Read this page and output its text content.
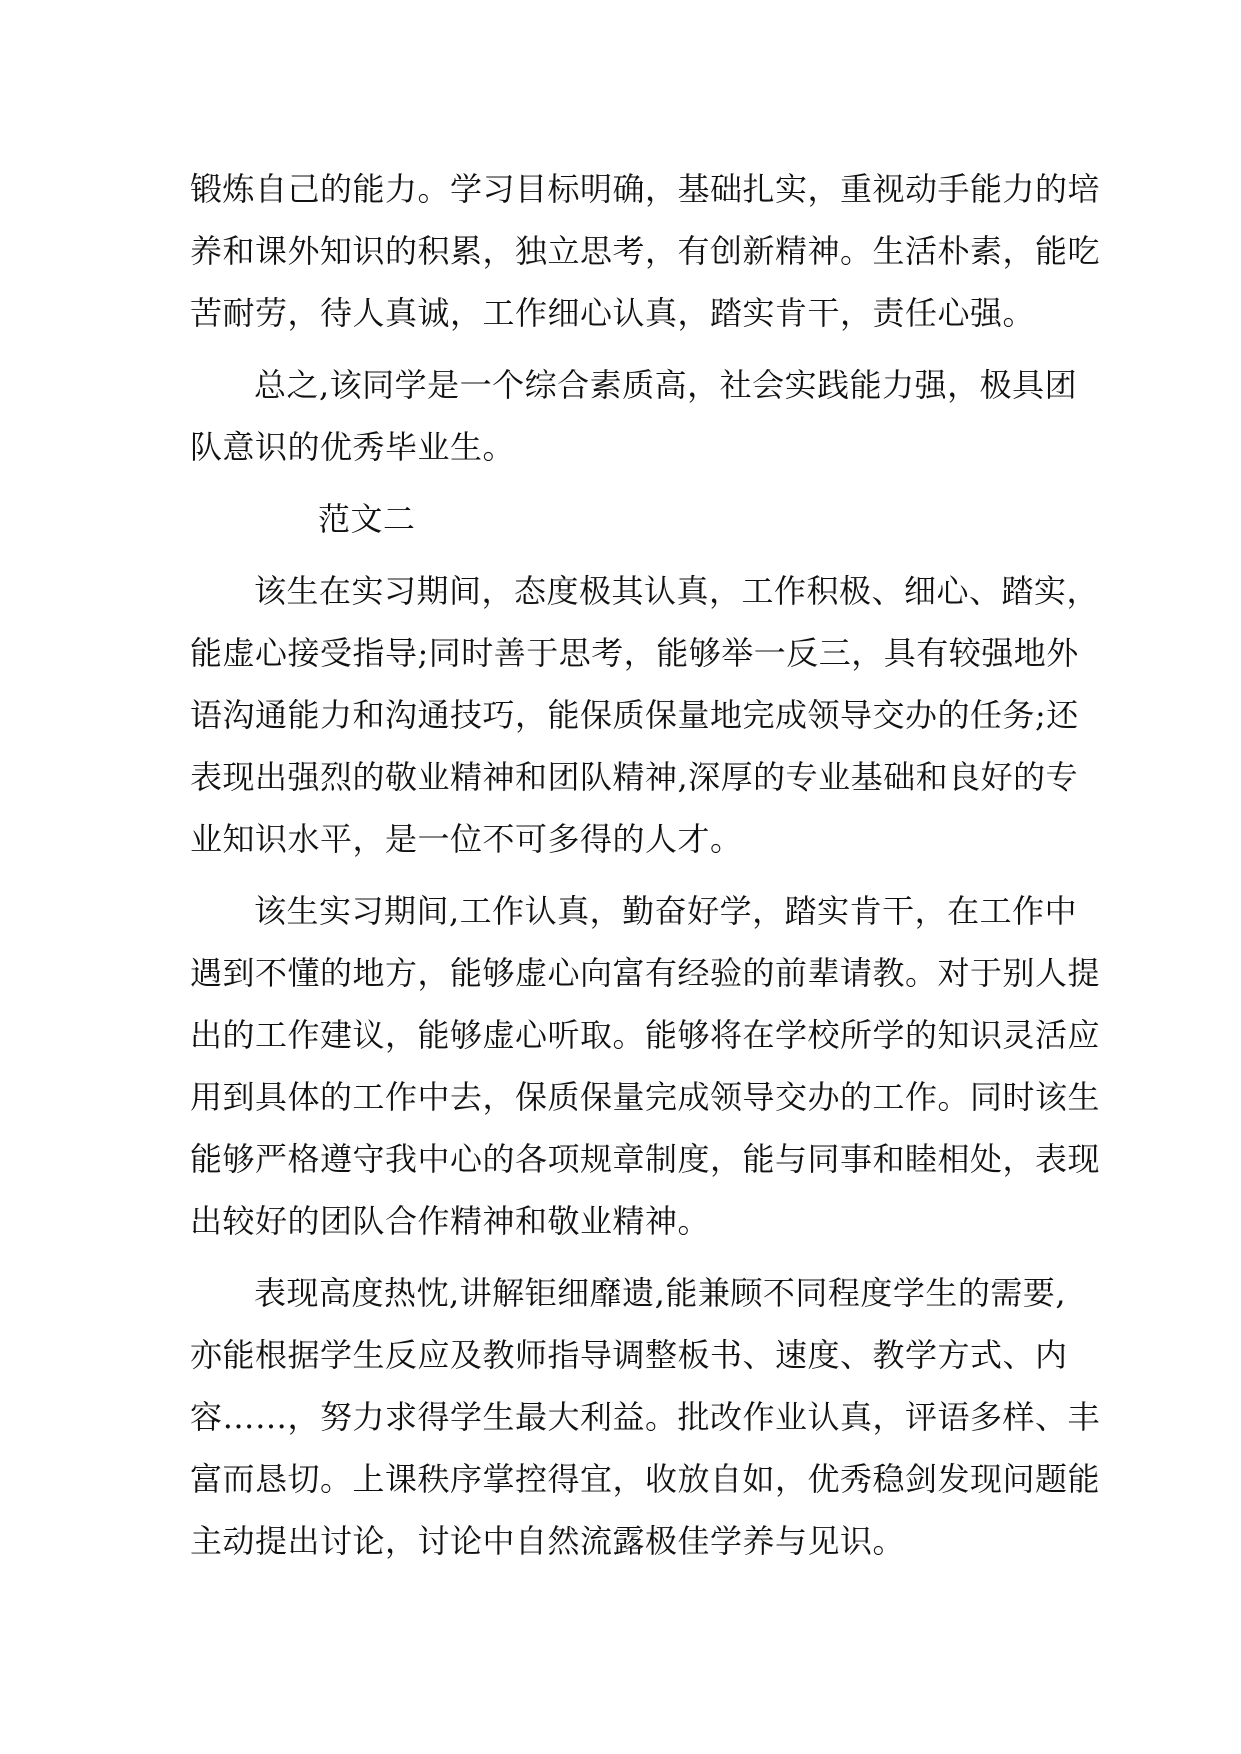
锻炼自己的能力。学习目标明确，基础扎实，重视动手能力的培
养和课外知识的积累，独立思考，有创新精神。生活朴素，能吃
苦耐劳，待人真诚，工作细心认真，踏实肯干，责任心强。
总之,该同学是一个综合素质高，社会实践能力强，极具团
队意识的优秀毕业生。
范文二
该生在实习期间，态度极其认真，工作积极、细心、踏实，
能虚心接受指导;同时善于思考，能够举一反三，具有较强地外
语沟通能力和沟通技巧，能保质保量地完成领导交办的任务;还
表现出强烈的敬业精神和团队精神,深厚的专业基础和良好的专
业知识水平，是一位不可多得的人才。
该生实习期间,工作认真，勤奋好学，踏实肯干，在工作中
遇到不懂的地方，能够虚心向富有经验的前辈请教。对于别人提
出的工作建议，能够虚心听取。能够将在学校所学的知识灵活应
用到具体的工作中去，保质保量完成领导交办的工作。同时该生
能够严格遵守我中心的各项规章制度，能与同事和睦相处，表现
出较好的团队合作精神和敬业精神。
表现高度热忱,讲解钜细靡遗,能兼顾不同程度学生的需要,
亦能根据学生反应及教师指导调整板书、速度、教学方式、内
容……，努力求得学生最大利益。批改作业认真，评语多样、丰
富而恳切。上课秩序掌控得宜，收放自如，优秀稳剑发现问题能
主动提出讨论，讨论中自然流露极佳学养与见识。
